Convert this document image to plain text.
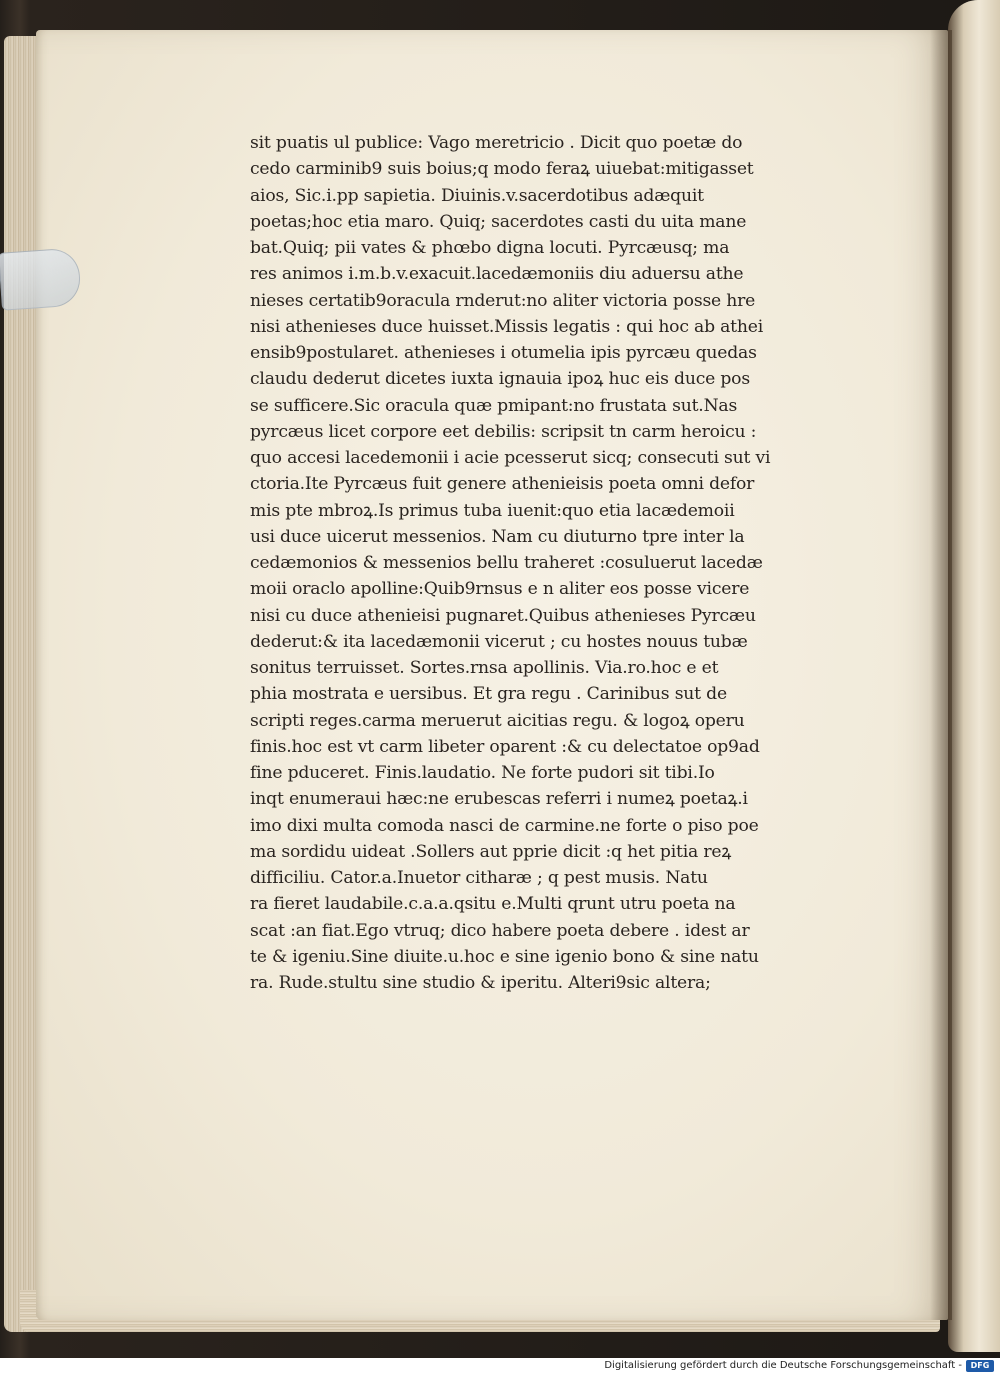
sit puatis ul publice: Vago meretricio . Dicit quo poetæ do
cedo carminib9 suis boius;q modo feraꝝ uiuebat:mitigasset
aios, Sic.i.pp sapietia. Diuinis.v.sacerdotibus adæquit
poetas;hoc etia maro. Quiq; sacerdotes casti du uita mane
bat.Quiq; pii vates & phœbo digna locuti. Pyrcæusq; ma
res animos i.m.b.v.exacuit.lacedæmoniis diu aduersu athe
nieses certatib9oracula rnderut:no aliter victoria posse hre
nisi athenieses duce huisset.Missis legatis : qui hoc ab athei
ensib9postularet. athenieses i otumelia ipis pyrcæu quedas
claudu dederut dicetes iuxta ignauia ipoꝝ huc eis duce pos
se sufficere.Sic oracula quæ pmipant:no frustata sut.Nas
pyrcæus licet corpore eet debilis: scripsit tn carm heroicu :
quo accesi lacedemonii i acie pcesserut sicq; consecuti sut vi
ctoria.Ite Pyrcæus fuit genere athenieisis poeta omni defor
mis pte mbroꝝ.Is primus tuba iuenit:quo etia lacædemoii
usi duce uicerut messenios. Nam cu diuturno tpre inter la
cedæmonios & messenios bellu traheret :cosuluerut lacedæ
moii oraclo apolline:Quib9rnsus e n aliter eos posse vicere
nisi cu duce athenieisi pugnaret.Quibus athenieses Pyrcæu
dederut:& ita lacedæmonii vicerut ; cu hostes nouus tubæ
sonitus terruisset. Sortes.rnsa apollinis. Via.ro.hoc e et
phia mostrata e uersibus. Et gra regu . Carinibus sut de
scripti reges.carma meruerut aicitias regu. & logoꝝ operu
finis.hoc est vt carm libeter oparent :& cu delectatoe op9ad
fine pduceret. Finis.laudatio. Ne forte pudori sit tibi.Io
inqt enumeraui hæc:ne erubescas referri i numeꝝ poetaꝝ.i
imo dixi multa comoda nasci de carmine.ne forte o piso poe
ma sordidu uideat .Sollers aut pprie dicit :q het pitia reꝝ
difficiliu. Cator.a.Inuetor citharæ ; q pest musis. Natu
ra fieret laudabile.c.a.a.qsitu e.Multi qrunt utru poeta na
scat :an fiat.Ego vtruq; dico habere poeta debere . idest ar
te & igeniu.Sine diuite.u.hoc e sine igenio bono & sine natu
ra. Rude.stultu sine studio & iperitu. Alteri9sic altera;
Digitalisierung gefördert durch die Deutsche Forschungsgemeinschaft -	DFG
